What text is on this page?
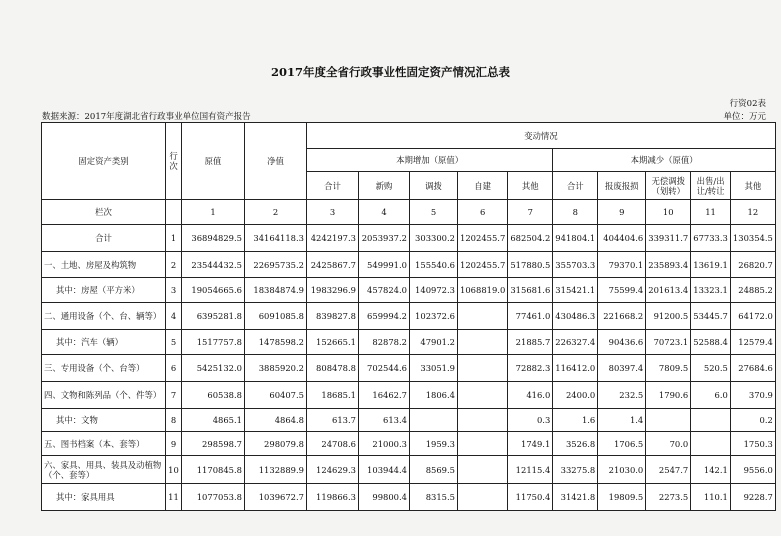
2017年度全省行政事业性固定资产情况汇总表
行资02表
数据来源：2017年度湖北省行政事业单位国有资产报告	单位：万元
固定资产类别	行次	原值	净值	变动情况									
				本期增加（原值）					本期减少（原值）				
				合计	新购	调拨	自建	其他	合计	报废报损	无偿调拨（划转）	出售/出让/转让	其他
栏次		1	2	3	4	5	6	7	8	9	10	11	12
合计	1	36894829.5	34164118.3	4242197.3	2053937.2	303300.2	1202455.7	682504.2	941804.1	404404.6	339311.7	67733.3	130354.5
一、土地、房屋及构筑物	2	23544432.5	22695735.2	2425867.7	549991.0	155540.6	1202455.7	517880.5	355703.3	79370.1	235893.4	13619.1	26820.7
其中：房屋（平方米）	3	19054665.6	18384874.9	1983296.9	457824.0	140972.3	1068819.0	315681.6	315421.1	75599.4	201613.4	13323.1	24885.2
二、通用设备（个、台、辆等）	4	6395281.8	6091085.8	839827.8	659994.2	102372.6		77461.0	430486.3	221668.2	91200.5	53445.7	64172.0
其中：汽车（辆）	5	1517757.8	1478598.2	152665.1	82878.2	47901.2		21885.7	226327.4	90436.6	70723.1	52588.4	12579.4
三、专用设备（个、台等）	6	5425132.0	3885920.2	808478.8	702544.6	33051.9		72882.3	116412.0	80397.4	7809.5	520.5	27684.6
四、文物和陈列品（个、件等）	7	60538.8	60407.5	18685.1	16462.7	1806.4		416.0	2400.0	232.5	1790.6	6.0	370.9
其中：文物	8	4865.1	4864.8	613.7	613.4			0.3	1.6	1.4			0.2
五、图书档案（本、套等）	9	298598.7	298079.8	24708.6	21000.3	1959.3		1749.1	3526.8	1706.5	70.0		1750.3
六、家具、用具、装具及动植物（个、套等）	10	1170845.8	1132889.9	124629.3	103944.4	8569.5		12115.4	33275.8	21030.0	2547.7	142.1	9556.0
其中：家具用具	11	1077053.8	1039672.7	119866.3	99800.4	8315.5		11750.4	31421.8	19809.5	2273.5	110.1	9228.7
